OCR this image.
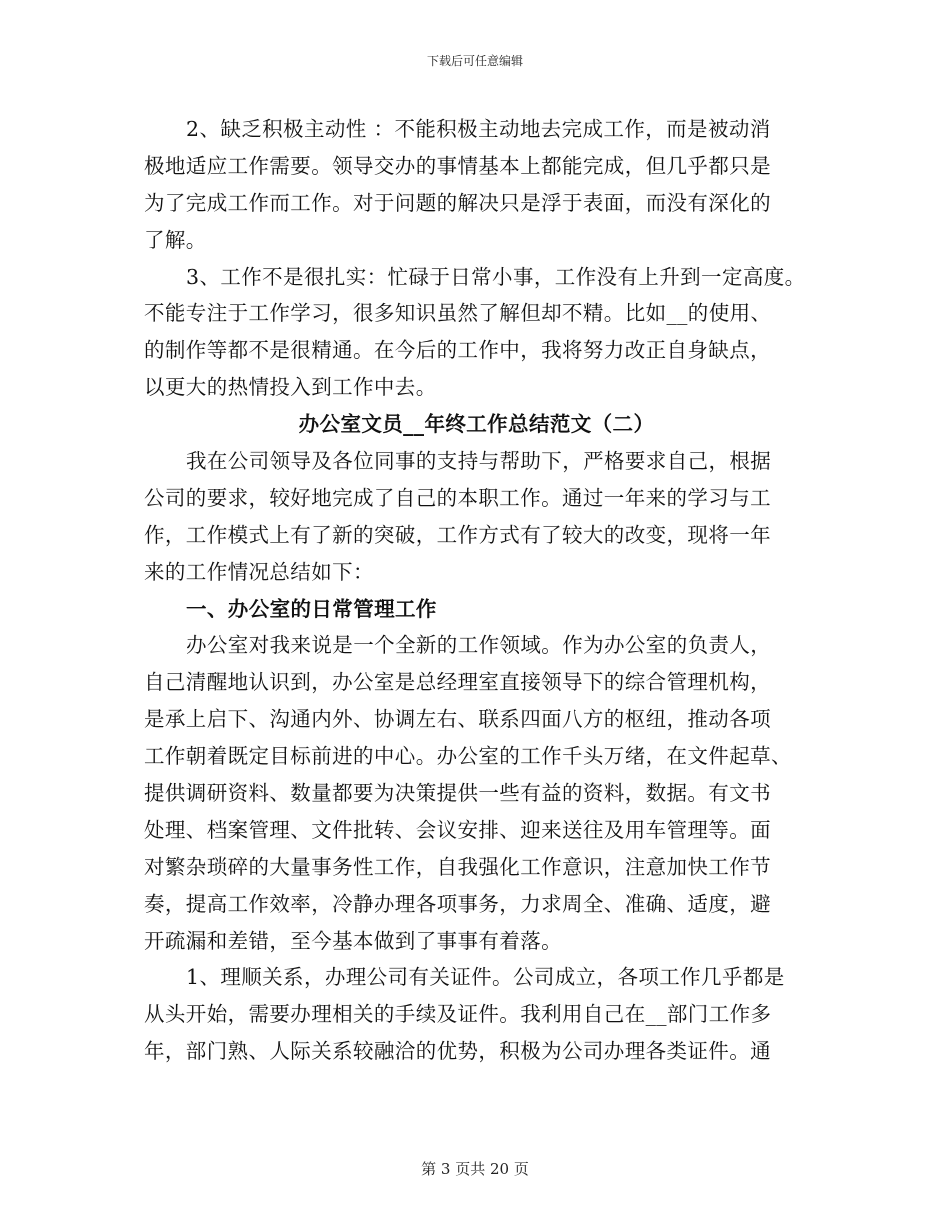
下载后可任意编辑
2、缺乏积极主动性 ：不能积极主动地去完成工作，而是被动消
极地适应工作需要。领导交办的事情基本上都能完成，但几乎都只是
为了完成工作而工作。对于问题的解决只是浮于表面，而没有深化的
了解。
3、工作不是很扎实：忙碌于日常小事，工作没有上升到一定高度。
不能专注于工作学习，很多知识虽然了解但却不精。比如__的使用、
的制作等都不是很精通。在今后的工作中，我将努力改正自身缺点，
以更大的热情投入到工作中去。
办公室文员__年终工作总结范文（二）
我在公司领导及各位同事的支持与帮助下，严格要求自己，根据
公司的要求，较好地完成了自己的本职工作。通过一年来的学习与工
作，工作模式上有了新的突破，工作方式有了较大的改变，现将一年
来的工作情况总结如下：
一、办公室的日常管理工作
办公室对我来说是一个全新的工作领域。作为办公室的负责人，
自己清醒地认识到，办公室是总经理室直接领导下的综合管理机构，
是承上启下、沟通内外、协调左右、联系四面八方的枢纽，推动各项
工作朝着既定目标前进的中心。办公室的工作千头万绪，在文件起草、
提供调研资料、数量都要为决策提供一些有益的资料，数据。有文书
处理、档案管理、文件批转、会议安排、迎来送往及用车管理等。面
对繁杂琐碎的大量事务性工作，自我强化工作意识，注意加快工作节
奏，提高工作效率，冷静办理各项事务，力求周全、准确、适度，避
开疏漏和差错，至今基本做到了事事有着落。
1、理顺关系，办理公司有关证件。公司成立，各项工作几乎都是
从头开始，需要办理相关的手续及证件。我利用自己在__部门工作多
年，部门熟、人际关系较融洽的优势，积极为公司办理各类证件。通
第 3 页共 20 页
